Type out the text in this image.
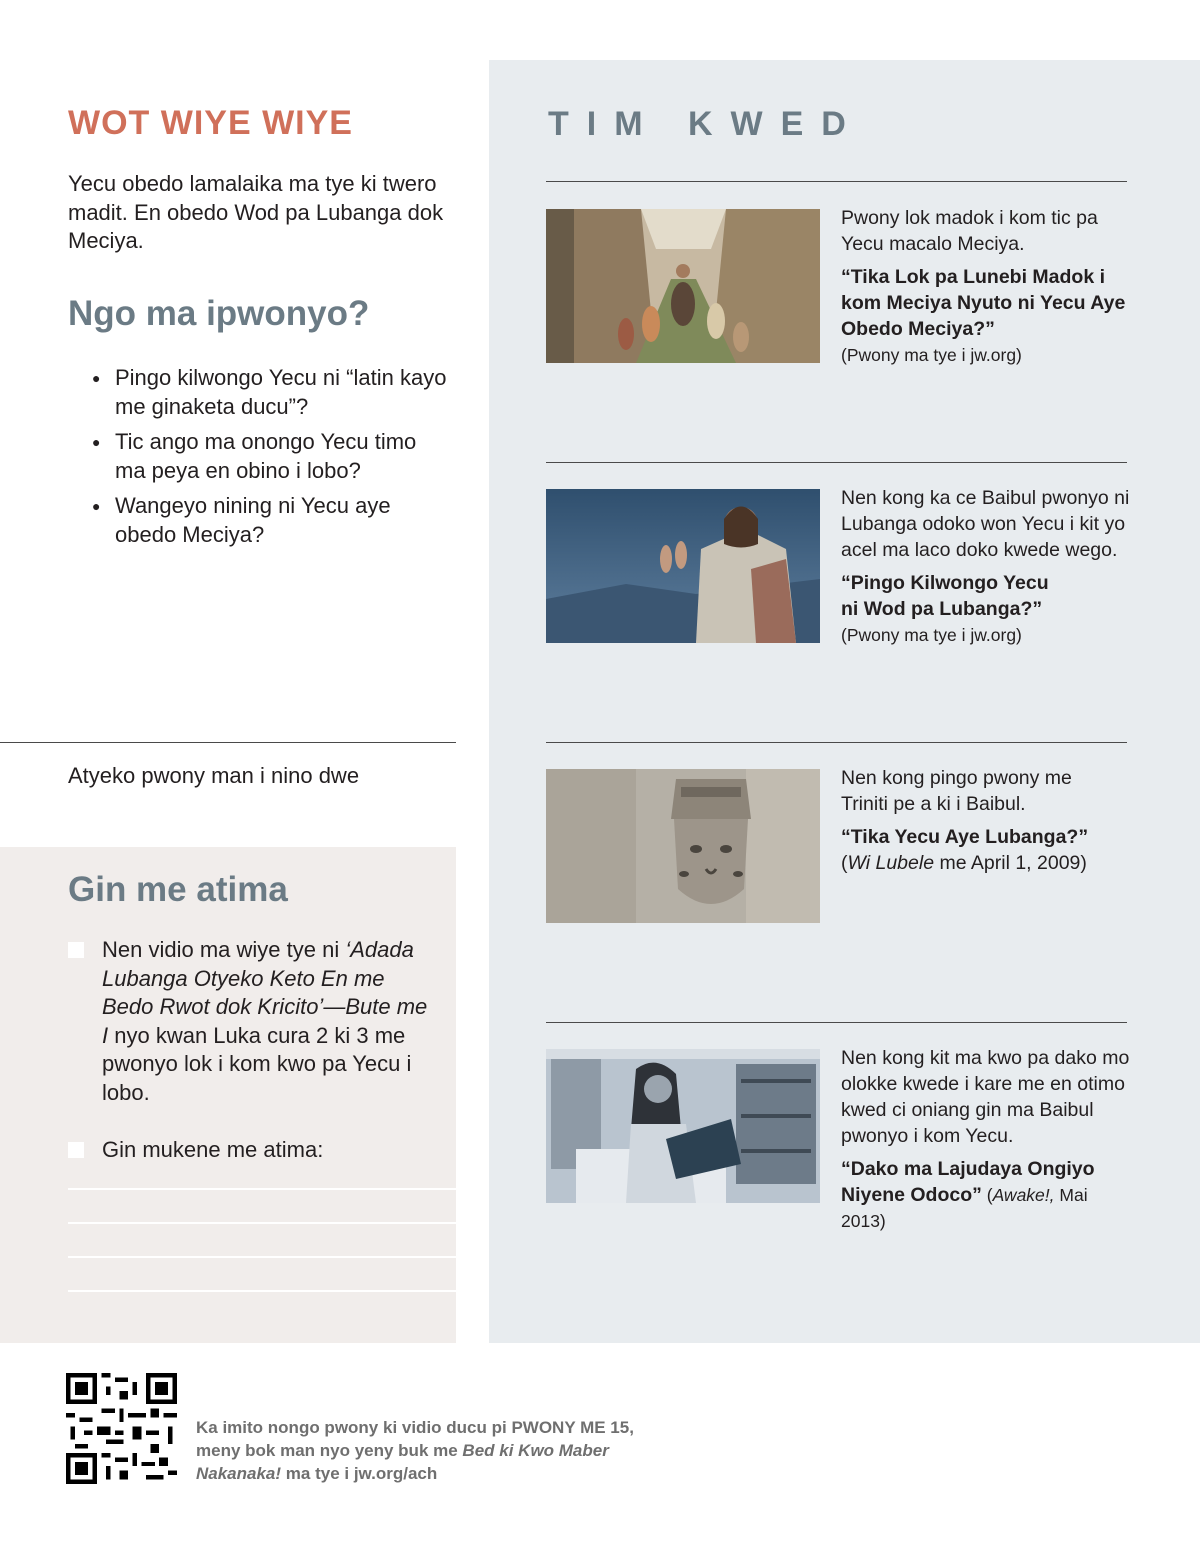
WOT WIYE WIYE

Yecu obedo lamalaika ma tye ki twero madit. En obedo Wod pa Lubanga dok Meciya.

Ngo ma ipwonyo?
● Pingo kilwongo Yecu ni “latin kayo me ginaketa ducu”?
● Tic ango ma onongo Yecu timo ma peya en obino i lobo?
● Wangeyo nining ni Yecu aye obedo Meciya?

Atyeko pwony man i nino dwe

Gin me atima
Nen vidio ma wiye tye ni ‘Adada Lubanga Otyeko Keto En me Bedo Rwot dok Kricito’—Bute me I nyo kwan Luka cura 2 ki 3 me pwonyo lok i kom kwo pa Yecu i lobo.
Gin mukene me atima:
TIM KWED
Pwony lok madok i kom tic pa Yecu macalo Meciya.
“Tika Lok pa Lunebi Madok i kom Meciya Nyuto ni Yecu Aye Obedo Meciya?”
(Pwony ma tye i jw.org)
Nen kong ka ce Baibul pwonyo ni Lubanga odoko won Yecu i kit yo acel ma laco doko kwede wego.
“Pingo Kilwongo Yecu ni Wod pa Lubanga?”
(Pwony ma tye i jw.org)
Nen kong pingo pwony me Triniti pe a ki i Baibul.
“Tika Yecu Aye Lubanga?”
(Wi Lubele me April 1, 2009)
Nen kong kit ma kwo pa dako mo olokke kwede i kare me en otimo kwed ci oniang gin ma Baibul pwonyo i kom Yecu.
“Dako ma Lajudaya Ongiyo Niyene Odoco” (Awake!, Mai 2013)

Ka imito nongo pwony ki vidio ducu pi PWONY ME 15, meny bok man nyo yeny buk me Bed ki Kwo Maber Nakanaka! ma tye i jw.org/ach
